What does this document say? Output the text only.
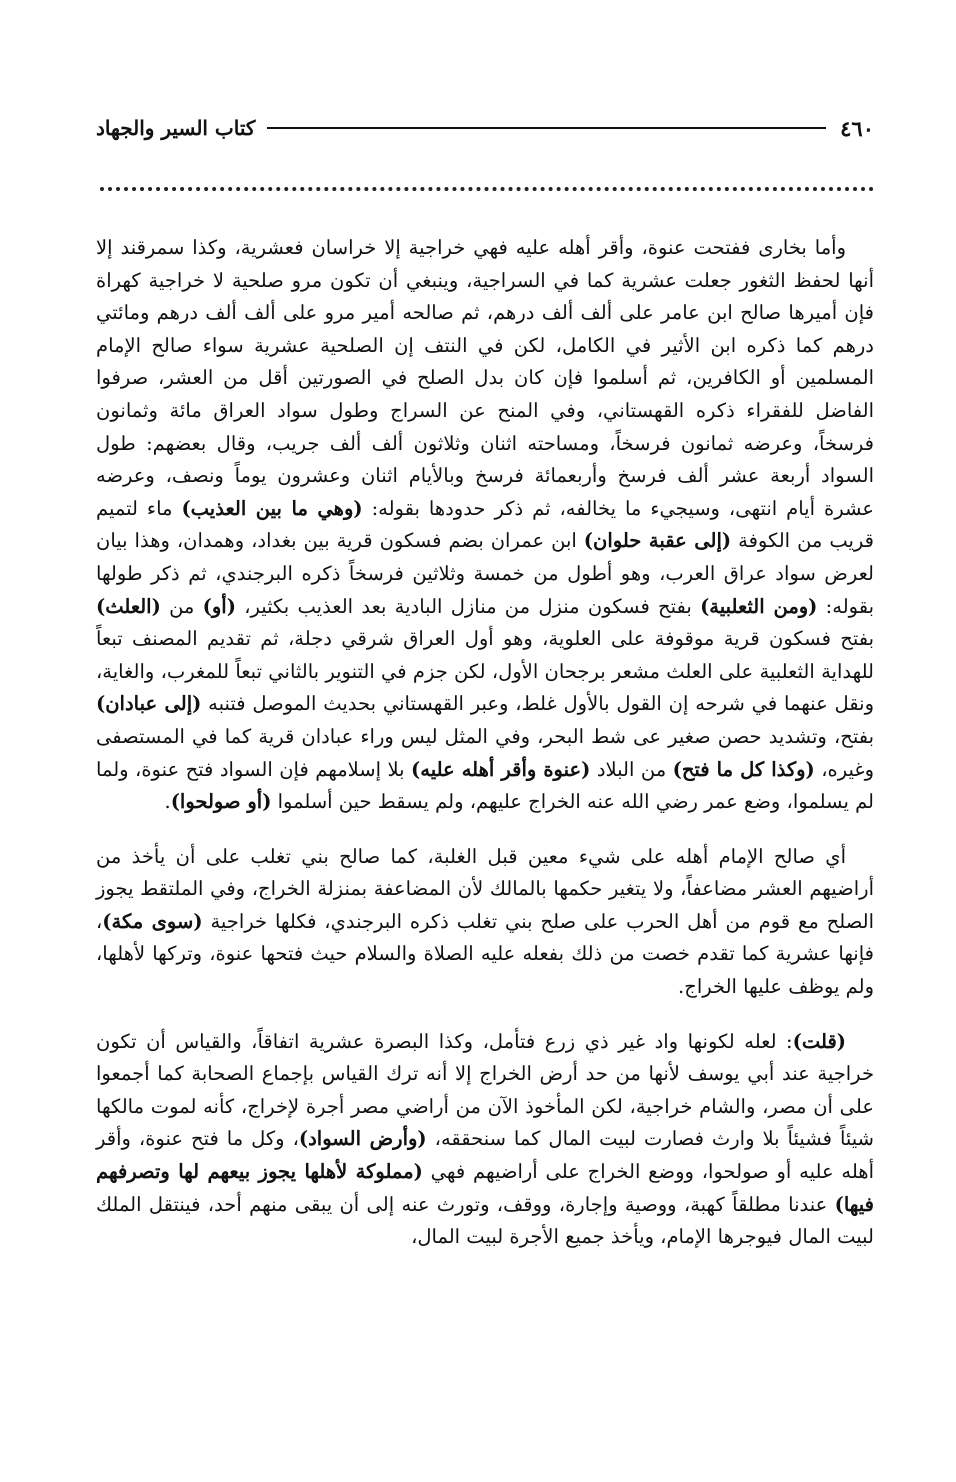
٤٦٠
كتاب السير والجهاد

وأما بخارى ففتحت عنوة، وأقر أهله عليه فهي خراجية إلا خراسان فعشرية، وكذا سمرقند إلا أنها لحفظ الثغور جعلت عشرية كما في السراجية، وينبغي أن تكون مرو صلحية لا خراجية كهراة فإن أميرها صالح ابن عامر على ألف ألف درهم، ثم صالحه أمير مرو على ألف ألف درهم ومائتي درهم كما ذكره ابن الأثير في الكامل، لكن في النتف إن الصلحية عشرية سواء صالح الإمام المسلمين أو الكافرين، ثم أسلموا فإن كان بدل الصلح في الصورتين أقل من العشر، صرفوا الفاضل للفقراء ذكره القهستاني، وفي المنح عن السراج وطول سواد العراق مائة وثمانون فرسخاً، وعرضه ثمانون فرسخاً، ومساحته اثنان وثلاثون ألف ألف جريب، وقال بعضهم: طول السواد أربعة عشر ألف فرسخ وأربعمائة فرسخ وبالأيام اثنان وعشرون يوماً ونصف، وعرضه عشرة أيام انتهى، وسيجيء ما يخالفه، ثم ذكر حدودها بقوله: (وهي ما بين العذيب) ماء لتميم قريب من الكوفة (إلى عقبة حلوان) ابن عمران بضم فسكون قرية بين بغداد، وهمدان، وهذا بيان لعرض سواد عراق العرب، وهو أطول من خمسة وثلاثين فرسخاً ذكره البرجندي، ثم ذكر طولها بقوله: (ومن الثعلبية) بفتح فسكون منزل من منازل البادية بعد العذيب بكثير، (أو) من (العلث) بفتح فسكون قرية موقوفة على العلوية، وهو أول العراق شرقي دجلة، ثم تقديم المصنف تبعاً للهداية الثعلبية على العلث مشعر برجحان الأول، لكن جزم في التنوير بالثاني تبعاً للمغرب، والغاية، ونقل عنهما في شرحه إن القول بالأول غلط، وعبر القهستاني بحديث الموصل فتنبه (إلى عبادان) بفتح، وتشديد حصن صغير عى شط البحر، وفي المثل ليس وراء عبادان قرية كما في المستصفى وغيره، (وكذا كل ما فتح) من البلاد (عنوة وأقر أهله عليه) بلا إسلامهم فإن السواد فتح عنوة، ولما لم يسلموا، وضع عمر رضي الله عنه الخراج عليهم، ولم يسقط حين أسلموا (أو صولحوا).

أي صالح الإمام أهله على شيء معين قبل الغلبة، كما صالح بني تغلب على أن يأخذ من أراضيهم العشر مضاعفاً، ولا يتغير حكمها بالمالك لأن المضاعفة بمنزلة الخراج، وفي الملتقط يجوز الصلح مع قوم من أهل الحرب على صلح بني تغلب ذكره البرجندي، فكلها خراجية (سوى مكة)، فإنها عشرية كما تقدم خصت من ذلك بفعله عليه الصلاة والسلام حيث فتحها عنوة، وتركها لأهلها، ولم يوظف عليها الخراج.

(قلت): لعله لكونها واد غير ذي زرع فتأمل، وكذا البصرة عشرية اتفاقاً، والقياس أن تكون خراجية عند أبي يوسف لأنها من حد أرض الخراج إلا أنه ترك القياس بإجماع الصحابة كما أجمعوا على أن مصر، والشام خراجية، لكن المأخوذ الآن من أراضي مصر أجرة لإخراج، كأنه لموت مالكها شيئاً فشيئاً بلا وارث فصارت لبيت المال كما سنحققه، (وأرض السواد)، وكل ما فتح عنوة، وأقر أهله عليه أو صولحوا، ووضع الخراج على أراضيهم فهي (مملوكة لأهلها يجوز بيعهم لها وتصرفهم فيها) عندنا مطلقاً كهبة، ووصية وإجارة، ووقف، وتورث عنه إلى أن يبقى منهم أحد، فينتقل الملك لبيت المال فيوجرها الإمام، ويأخذ جميع الأجرة لبيت المال،
